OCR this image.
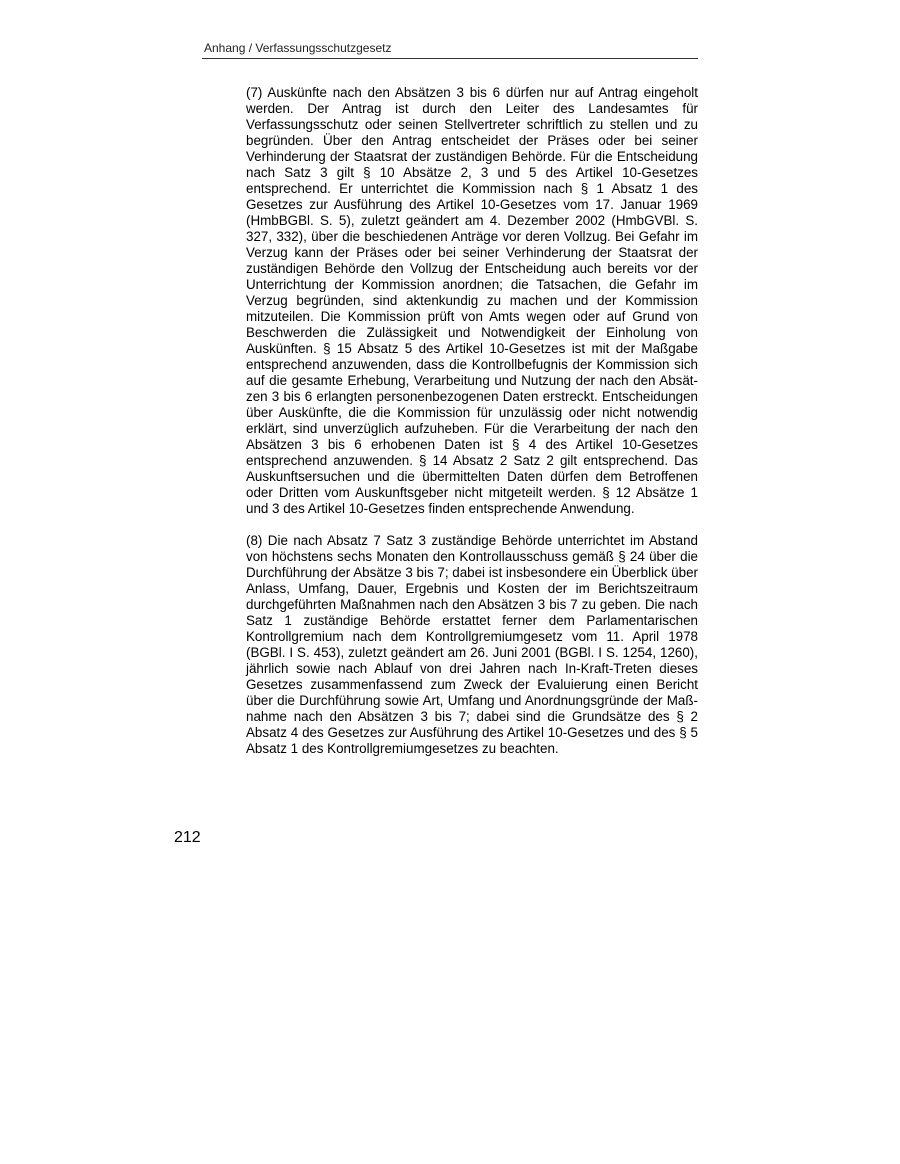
Anhang / Verfassungsschutzgesetz

(7) Auskünfte nach den Absätzen 3 bis 6 dürfen nur auf Antrag eingeholt werden. Der Antrag ist durch den Leiter des Landesamtes für Verfassungsschutz oder seinen Stellvertreter schriftlich zu stellen und zu begründen. Über den Antrag entscheidet der Präses oder bei seiner Verhinderung der Staatsrat der zuständigen Behörde. Für die Entscheidung nach Satz 3 gilt § 10 Absätze 2, 3 und 5 des Artikel 10-Gesetzes entsprechend. Er unterrichtet die Kommission nach § 1 Absatz 1 des Gesetzes zur Ausführung des Artikel 10-Gesetzes vom 17. Januar 1969 (HmbBGBl. S. 5), zuletzt geändert am 4. Dezember 2002 (HmbGVBl. S. 327, 332), über die beschiedenen Anträge vor deren Vollzug. Bei Gefahr im Verzug kann der Präses oder bei seiner Verhinderung der Staatsrat der zuständigen Behörde den Vollzug der Entscheidung auch bereits vor der Unterrichtung der Kommission anordnen; die Tatsachen, die Gefahr im Verzug begründen, sind aktenkundig zu machen und der Kommission mitzuteilen. Die Kommission prüft von Amts wegen oder auf Grund von Beschwerden die Zulässigkeit und Notwendigkeit der Einholung von Auskünften. § 15 Absatz 5 des Artikel 10-Gesetzes ist mit der Maßgabe entsprechend anzuwenden, dass die Kontrollbefugnis der Kommission sich auf die gesamte Erhebung, Verarbeitung und Nutzung der nach den Absätzen 3 bis 6 erlangten personenbezogenen Daten erstreckt. Entscheidungen über Auskünfte, die die Kommission für unzulässig oder nicht notwendig erklärt, sind unverzüglich aufzuheben. Für die Verarbeitung der nach den Absätzen 3 bis 6 erhobenen Daten ist § 4 des Artikel 10-Gesetzes entsprechend anzuwenden. § 14 Absatz 2 Satz 2 gilt entsprechend. Das Auskunftsersuchen und die übermittelten Daten dürfen dem Betroffenen oder Dritten vom Auskunftsgeber nicht mitgeteilt werden. § 12 Absätze 1 und 3 des Artikel 10-Gesetzes finden entsprechende Anwendung.

(8) Die nach Absatz 7 Satz 3 zuständige Behörde unterrichtet im Abstand von höchstens sechs Monaten den Kontrollausschuss gemäß § 24 über die Durchführung der Absätze 3 bis 7; dabei ist insbesondere ein Überblick über Anlass, Umfang, Dauer, Ergebnis und Kosten der im Berichtszeitraum durchgeführten Maßnahmen nach den Absätzen 3 bis 7 zu geben. Die nach Satz 1 zuständige Behörde erstattet ferner dem Parlamentarischen Kontrollgremium nach dem Kontrollgremiumgesetz vom 11. April 1978 (BGBl. I S. 453), zuletzt geändert am 26. Juni 2001 (BGBl. I S. 1254, 1260), jährlich sowie nach Ablauf von drei Jahren nach In-Kraft-Treten dieses Gesetzes zusammenfassend zum Zweck der Evaluierung einen Bericht über die Durchführung sowie Art, Umfang und Anordnungsgründe der Maßnahme nach den Absätzen 3 bis 7; dabei sind die Grundsätze des § 2 Absatz 4 des Gesetzes zur Ausführung des Artikel 10-Gesetzes und des § 5 Absatz 1 des Kontrollgremiumgesetzes zu beachten.

212
